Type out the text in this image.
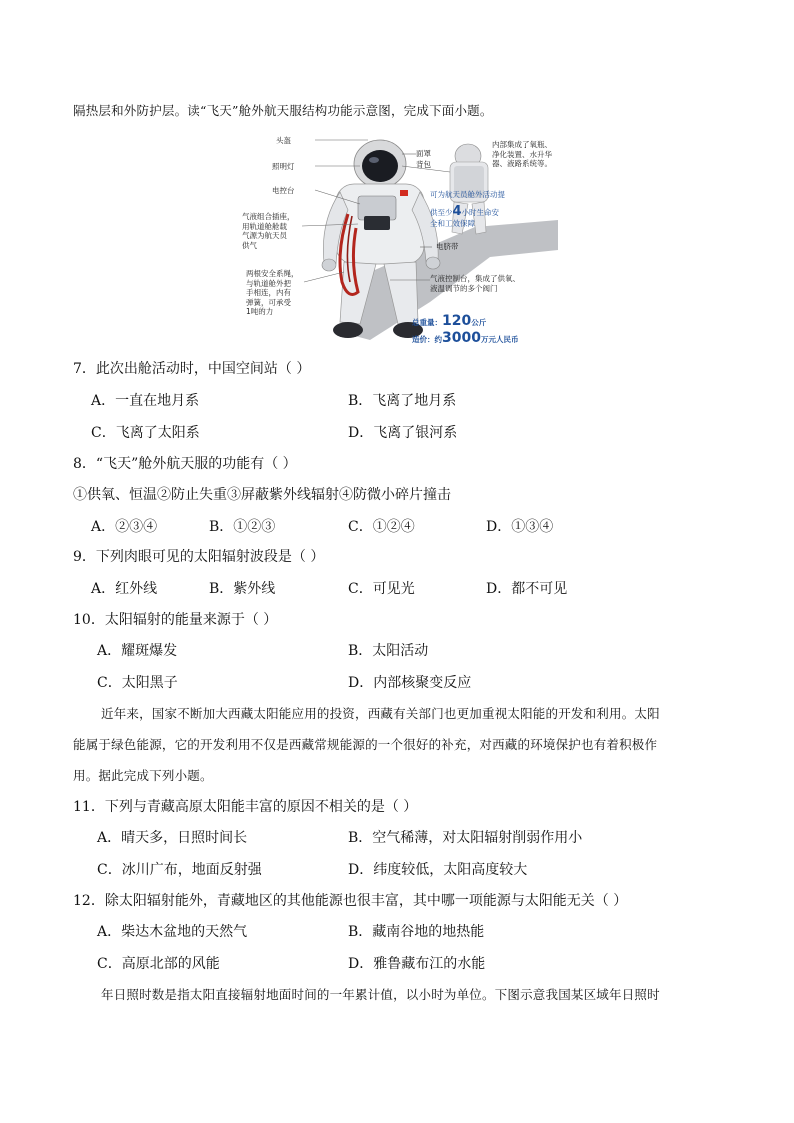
隔热层和外防护层。读“飞天”舱外航天服结构功能示意图，完成下面小题。
头盔
照明灯
电控台
气液组合插座，
用轨道舱舱载
气源为航天员
供气
两根安全系绳，
与轨道舱外把
手相连，内有
弹簧，可承受
1吨的力
面罩
背包
内部集成了氧瓶、
净化装置、水升华
器、液路系统等。
可为航天员舱外活动提
供至少4小时生命安
全和工效保障
电脐带
气液控制台，集成了供氧、
液温调节的多个阀门
总重量：120公斤
造价：约3000万元人民币
7．此次出舱活动时，中国空间站（ ）
A．一直在地月系	B．飞离了地月系
C．飞离了太阳系	D．飞离了银河系
8．“飞天”舱外航天服的功能有（ ）
①供氧、恒温②防止失重③屏蔽紫外线辐射④防微小碎片撞击
A．②③④	B．①②③	C．①②④	D．①③④
9．下列肉眼可见的太阳辐射波段是（ ）
A．红外线	B．紫外线	C．可见光	D．都不可见
10．太阳辐射的能量来源于（ ）
A．耀斑爆发	B．太阳活动
C．太阳黑子	D．内部核聚变反应
近年来，国家不断加大西藏太阳能应用的投资，西藏有关部门也更加重视太阳能的开发和利用。太阳
能属于绿色能源，它的开发利用不仅是西藏常规能源的一个很好的补充，对西藏的环境保护也有着积极作
用。据此完成下列小题。
11．下列与青藏高原太阳能丰富的原因不相关的是（ ）
A．晴天多，日照时间长	B．空气稀薄，对太阳辐射削弱作用小
C．冰川广布，地面反射强	D．纬度较低，太阳高度较大
12．除太阳辐射能外，青藏地区的其他能源也很丰富，其中哪一项能源与太阳能无关（ ）
A．柴达木盆地的天然气	B．藏南谷地的地热能
C．高原北部的风能	D．雅鲁藏布江的水能
年日照时数是指太阳直接辐射地面时间的一年累计值，以小时为单位。下图示意我国某区域年日照时
